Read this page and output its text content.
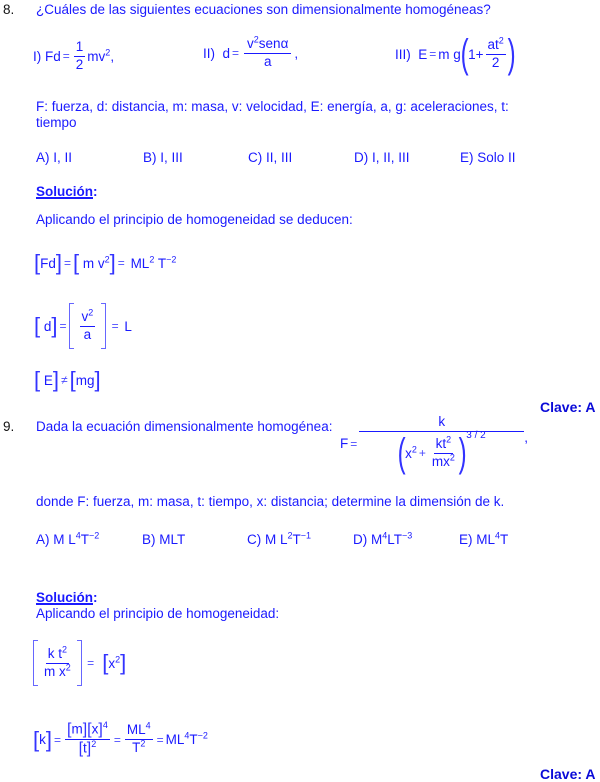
8. ¿Cuáles de las siguientes ecuaciones son dimensionalmente homogéneas?
I) $Fd = \frac{1}{2} mv^2$,	II)  $d = \frac{v^2sen\alpha}{a}$ ,	III)  E = m g ( $1+ \frac{at^2}{2}$ )
F: fuerza, d: distancia, m: masa, v: velocidad, E: energía, a, g: aceleraciones, t:
tiempo
A) I, II	B) I, III	C) II, III	D) I, II, III	E) Solo II
Solución:
Aplicando el principio de homogeneidad se deducen:
[ Fd ] = [ m $v^2$ ] = $ML^2$ $T^{-2}$
[ d ] = $\frac{v^2}{a} = L$
[ E ] ≠ [ mg ]
Clave: A
9. Dada la ecuación dimensionalmente homogénea:
$F = \frac{k}{( x^2 + \frac{kt^2}{mx^2} ) 3 / 2}$ ,
donde F: fuerza, m: masa, t: tiempo, x: distancia; determine la dimensión de k.
A) M $L^4T^{-2}$	B) MLT	C) M $L^2T^{-1}$	D) $M^4LT^{-3}$	E) $ML^4T$
Solución:
Aplicando el principio de homogeneidad:
$\frac{k t^2}{m x^2}$ = [ $x^2$ ]
[ k ] = $\frac{[m][x]^4}{[t]^2} = \frac{ML^4}{T^2} = ML^4T^{-2}$
Clave: A
